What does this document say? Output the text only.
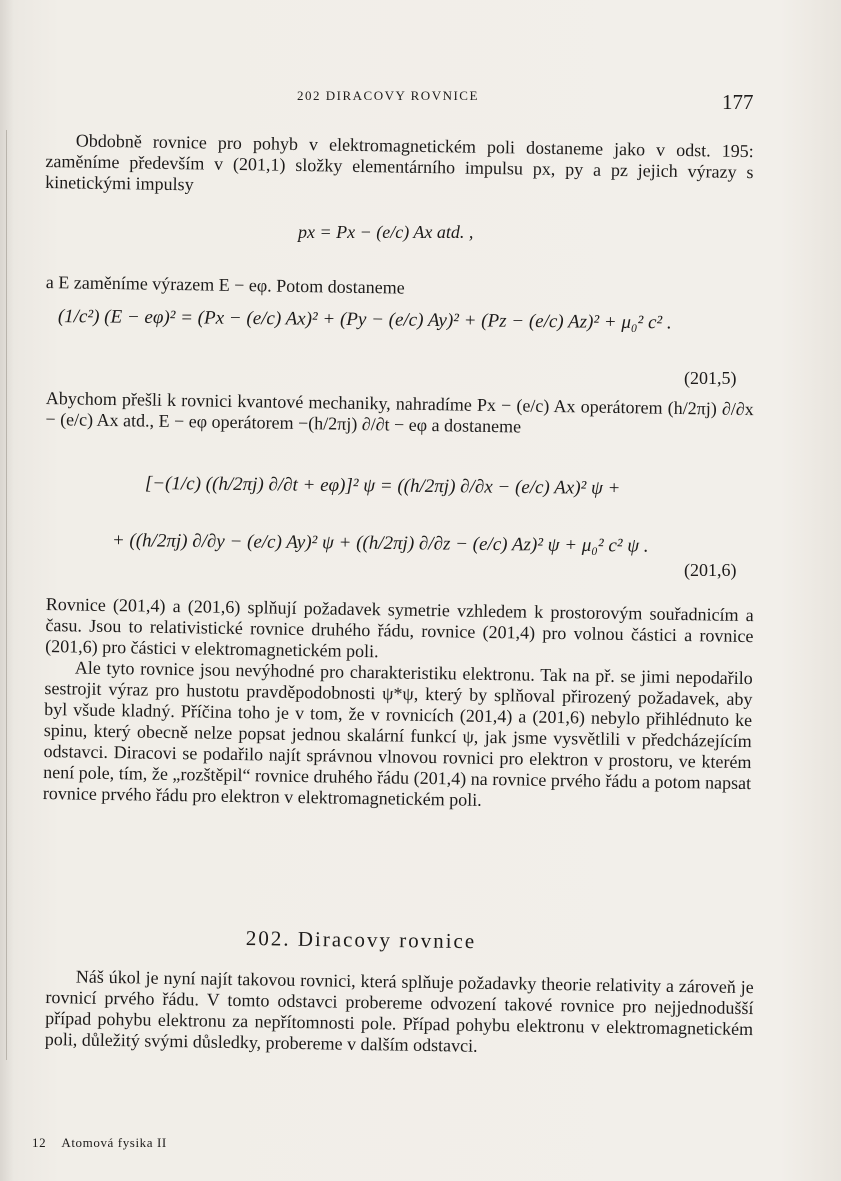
202 DIRACOVY ROVNICE	177

Obdobně rovnice pro pohyb v elektromagnetickém poli dostaneme jako v odst. 195: zaměníme především v (201,1) složky elementárního impulsu px, py a pz jejich výrazy s kinetickými impulsy

px = Px − (e/c) Ax atd. ,

a E zaměníme výrazem E − eφ. Potom dostaneme

(1/c²) (E − eφ)² = (Px − (e/c) Ax)² + (Py − (e/c) Ay)² + (Pz − (e/c) Az)² + μ₀² c² .
(201,5)

Abychom přešli k rovnici kvantové mechaniky, nahradíme Px − (e/c) Ax operátorem (h/2πj) ∂/∂x − (e/c) Ax atd., E − eφ operátorem −(h/2πj) ∂/∂t − eφ a dostaneme

[−(1/c) ((h/2πj) ∂/∂t + eφ)]² ψ = ((h/2πj) ∂/∂x − (e/c) Ax)² ψ +
+ ((h/2πj) ∂/∂y − (e/c) Ay)² ψ + ((h/2πj) ∂/∂z − (e/c) Az)² ψ + μ₀² c² ψ .
(201,6)

Rovnice (201,4) a (201,6) splňují požadavek symetrie vzhledem k prostorovým souřadnicím a času. Jsou to relativistické rovnice druhého řádu, rovnice (201,4) pro volnou částici a rovnice (201,6) pro částici v elektromagnetickém poli.

Ale tyto rovnice jsou nevýhodné pro charakteristiku elektronu. Tak na př. se jimi nepodařilo sestrojit výraz pro hustotu pravděpodobnosti ψ*ψ, který by splňoval přirozený požadavek, aby byl všude kladný. Příčina toho je v tom, že v rovnicích (201,4) a (201,6) nebylo přihlédnuto ke spinu, který obecně nelze popsat jednou skalární funkcí ψ, jak jsme vysvětlili v předcházejícím odstavci. Diracovi se podařilo najít správnou vlnovou rovnici pro elektron v prostoru, ve kterém není pole, tím, že „rozštěpil“ rovnice druhého řádu (201,4) na rovnice prvého řádu a potom napsat rovnice prvého řádu pro elektron v elektromagnetickém poli.

202. Diracovy rovnice

Náš úkol je nyní najít takovou rovnici, která splňuje požadavky theorie relativity a zároveň je rovnicí prvého řádu. V tomto odstavci probereme odvození takové rovnice pro nejjednodušší případ pohybu elektronu za nepřítomnosti pole. Případ pohybu elektronu v elektromagnetickém poli, důležitý svými důsledky, probereme v dalším odstavci.

12 Atomová fysika II
